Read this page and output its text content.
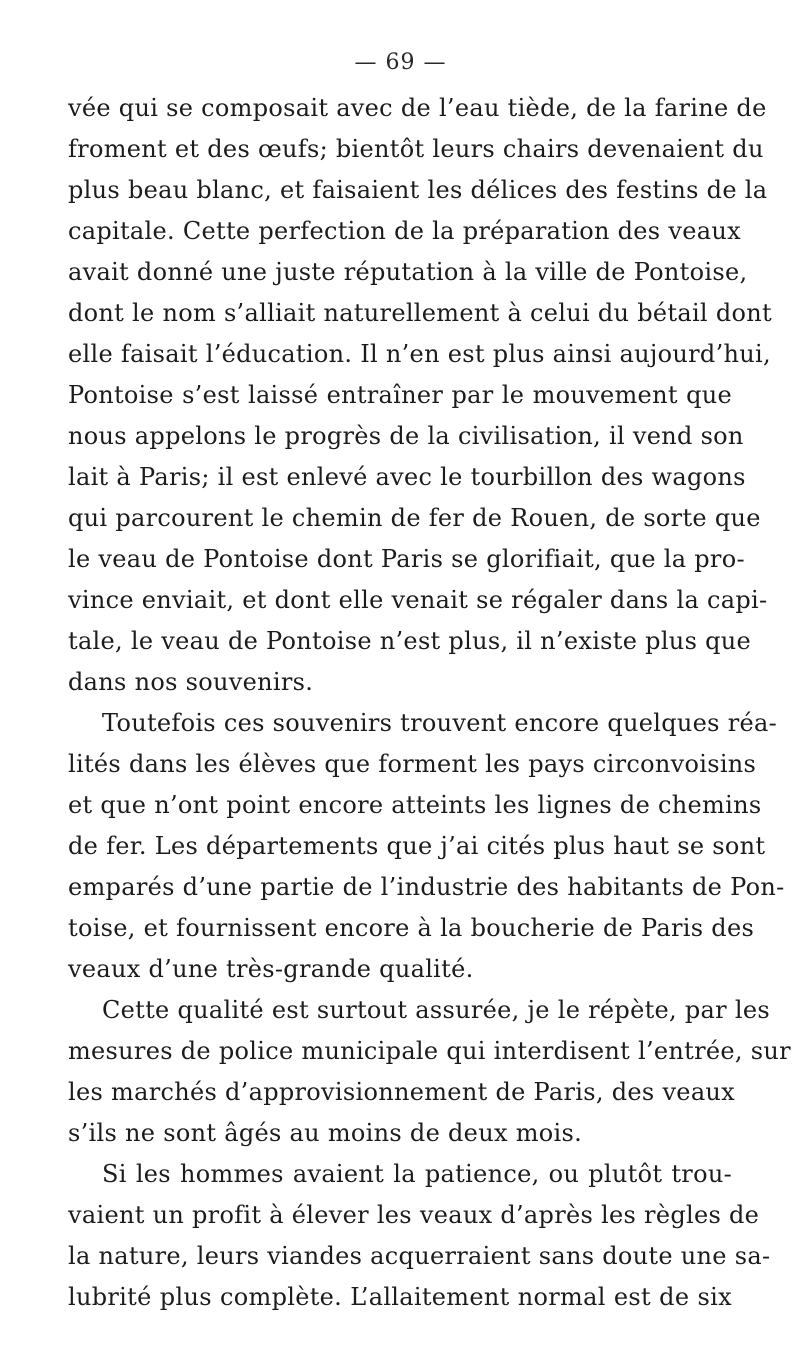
— 69 —
vée qui se composait avec de l’eau tiède, de la farine de
froment et des œufs; bientôt leurs chairs devenaient du
plus beau blanc, et faisaient les délices des festins de la
capitale. Cette perfection de la préparation des veaux
avait donné une juste réputation à la ville de Pontoise,
dont le nom s’alliait naturellement à celui du bétail dont
elle faisait l’éducation. Il n’en est plus ainsi aujourd’hui,
Pontoise s’est laissé entraîner par le mouvement que
nous appelons le progrès de la civilisation, il vend son
lait à Paris; il est enlevé avec le tourbillon des wagons
qui parcourent le chemin de fer de Rouen, de sorte que
le veau de Pontoise dont Paris se glorifiait, que la pro-
vince enviait, et dont elle venait se régaler dans la capi-
tale, le veau de Pontoise n’est plus, il n’existe plus que
dans nos souvenirs.
Toutefois ces souvenirs trouvent encore quelques réa-
lités dans les élèves que forment les pays circonvoisins
et que n’ont point encore atteints les lignes de chemins
de fer. Les départements que j’ai cités plus haut se sont
emparés d’une partie de l’industrie des habitants de Pon-
toise, et fournissent encore à la boucherie de Paris des
veaux d’une très-grande qualité.
Cette qualité est surtout assurée, je le répète, par les
mesures de police municipale qui interdisent l’entrée, sur
les marchés d’approvisionnement de Paris, des veaux
s’ils ne sont âgés au moins de deux mois.
Si les hommes avaient la patience, ou plutôt trou-
vaient un profit à élever les veaux d’après les règles de
la nature, leurs viandes acquerraient sans doute une sa-
lubrité plus complète. L’allaitement normal est de six
